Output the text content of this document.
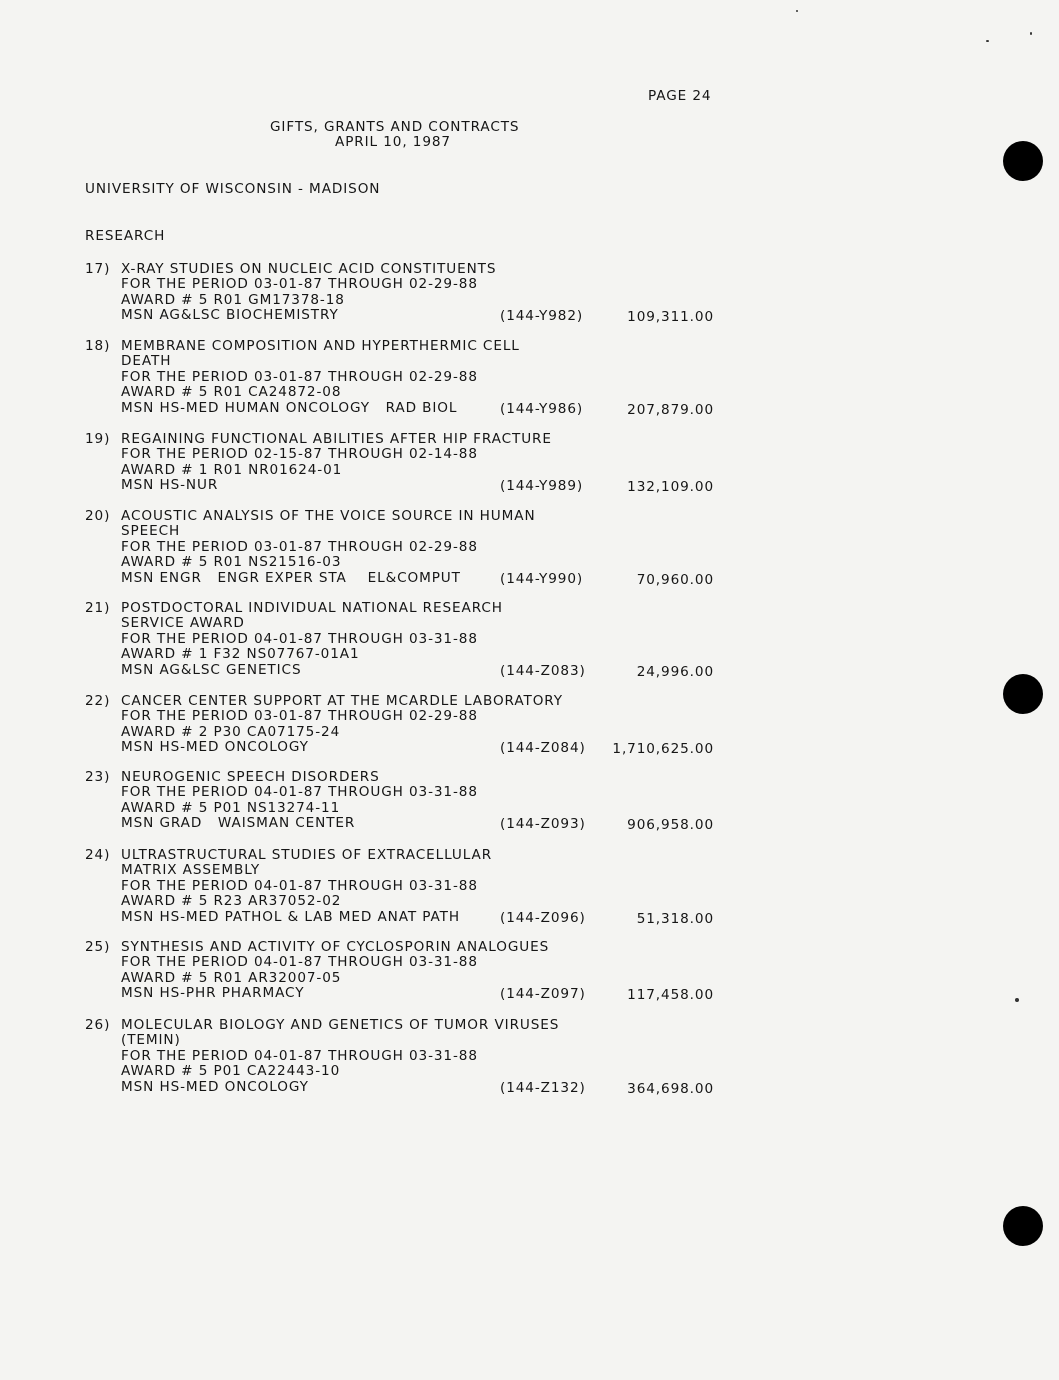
PAGE 24
GIFTS, GRANTS AND CONTRACTS
APRIL 10, 1987
UNIVERSITY OF WISCONSIN - MADISON
RESEARCH
17) X-RAY STUDIES ON NUCLEIC ACID CONSTITUENTS
FOR THE PERIOD 03-01-87 THROUGH 02-29-88
AWARD # 5 R01 GM17378-18
MSN AG&LSC BIOCHEMISTRY	(144-Y982)	109,311.00
18) MEMBRANE COMPOSITION AND HYPERTHERMIC CELL
DEATH
FOR THE PERIOD 03-01-87 THROUGH 02-29-88
AWARD # 5 R01 CA24872-08
MSN HS-MED HUMAN ONCOLOGY   RAD BIOL	(144-Y986)	207,879.00
19) REGAINING FUNCTIONAL ABILITIES AFTER HIP FRACTURE
FOR THE PERIOD 02-15-87 THROUGH 02-14-88
AWARD # 1 R01 NR01624-01
MSN HS-NUR	(144-Y989)	132,109.00
20) ACOUSTIC ANALYSIS OF THE VOICE SOURCE IN HUMAN
SPEECH
FOR THE PERIOD 03-01-87 THROUGH 02-29-88
AWARD # 5 R01 NS21516-03
MSN ENGR   ENGR EXPER STA    EL&COMPUT	(144-Y990)	70,960.00
21) POSTDOCTORAL INDIVIDUAL NATIONAL RESEARCH
SERVICE AWARD
FOR THE PERIOD 04-01-87 THROUGH 03-31-88
AWARD # 1 F32 NS07767-01A1
MSN AG&LSC GENETICS	(144-Z083)	24,996.00
22) CANCER CENTER SUPPORT AT THE MCARDLE LABORATORY
FOR THE PERIOD 03-01-87 THROUGH 02-29-88
AWARD # 2 P30 CA07175-24
MSN HS-MED ONCOLOGY	(144-Z084) 1,710,625.00
23) NEUROGENIC SPEECH DISORDERS
FOR THE PERIOD 04-01-87 THROUGH 03-31-88
AWARD # 5 P01 NS13274-11
MSN GRAD   WAISMAN CENTER	(144-Z093)	906,958.00
24) ULTRASTRUCTURAL STUDIES OF EXTRACELLULAR
MATRIX ASSEMBLY
FOR THE PERIOD 04-01-87 THROUGH 03-31-88
AWARD # 5 R23 AR37052-02
MSN HS-MED PATHOL & LAB MED ANAT PATH	(144-Z096)	51,318.00
25) SYNTHESIS AND ACTIVITY OF CYCLOSPORIN ANALOGUES
FOR THE PERIOD 04-01-87 THROUGH 03-31-88
AWARD # 5 R01 AR32007-05
MSN HS-PHR PHARMACY	(144-Z097)	117,458.00
26) MOLECULAR BIOLOGY AND GENETICS OF TUMOR VIRUSES
(TEMIN)
FOR THE PERIOD 04-01-87 THROUGH 03-31-88
AWARD # 5 P01 CA22443-10
MSN HS-MED ONCOLOGY	(144-Z132)	364,698.00
